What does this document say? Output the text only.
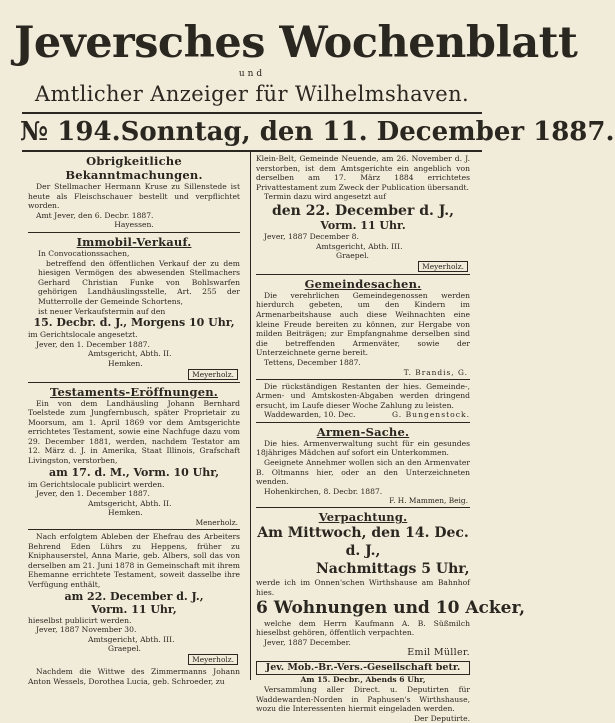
Jeversches Wochenblatt
und
Amtlicher Anzeiger für Wilhelmshaven.
№ 194. Sonntag, den 11. December 1887.
Obrigkeitliche Bekanntmachungen.
Der Stellmacher Hermann Kruse zu Sillenstede ist heute als Fleischschauer bestellt und verpflichtet worden.
Amt Jever, den 6. Decbr. 1887.
Hayessen.
Immobil-Verkauf.
In Convocationssachen,
betreffend den öffentlichen Verkauf der zu dem hiesigen Vermögen des abwesenden Stellmachers Gerhard Christian Funke von Bohlswarfen gehörigen Landhäuslingsstelle, Art. 255 der Mutterrolle der Gemeinde Schortens,
ist neuer Verkaufstermin auf den
15. Decbr. d. J., Morgens 10 Uhr,
im Gerichtslocale angesetzt.
Jever, den 1. December 1887.
Amtsgericht, Abth. II.
Hemken.
Meyerholz.
Testaments-Eröffnungen.
Ein von dem Landhäusling Johann Bernhard Toelstede zum Jungfernbusch, später Proprietair zu Moorsum, am 1. April 1869 vor dem Amtsgerichte errichtetes Testament, sowie eine Nachfuge dazu vom 29. December 1881, werden, nachdem Testator am 12. März d. J. in Amerika, Staat Illinois, Grafschaft Livingston, verstorben,
am 17. d. M., Vorm. 10 Uhr,
im Gerichtslocale publicirt werden.
Jever, den 1. December 1887.
Amtsgericht, Abth. II.
Hemken.
Menerholz.
Nach erfolgtem Ableben der Ehefrau des Arbeiters Behrend Eden Lührs zu Heppens, früher zu Kniphauserstel, Anna Marie, geb. Albers, soll das von derselben am 21. Juni 1878 in Gemeinschaft mit ihrem Ehemanne errichtete Testament, soweit dasselbe ihre Verfügung enthält,
am 22. December d. J.,
Vorm. 11 Uhr,
hieselbst publicirt werden.
Jever, 1887 November 30.
Amtsgericht, Abth. III.
Graepel.
Meyerholz.
Nachdem die Wittwe des Zimmermanns Johann Anton Wessels, Dorothea Lucia, geb. Schroeder, zu
Klein-Belt, Gemeinde Neuende, am 26. November d. J. verstorben, ist dem Amtsgerichte ein angeblich von derselben am 17. März 1884 errichtetes Privattestament zum Zweck der Publication übersandt.
Termin dazu wird angesetzt auf
den 22. December d. J.,
Vorm. 11 Uhr.
Jever, 1887 December 8.
Amtsgericht, Abth. III.
Graepel.
Meyerholz.
Gemeindesachen.
Die verehrlichen Gemeindegenossen werden hierdurch gebeten, um den Kindern im Armenarbeitshause auch diese Weihnachten eine kleine Freude bereiten zu können, zur Hergabe von milden Beiträgen; zur Empfangnahme derselben sind die betreffenden Armenväter, sowie der Unterzeichnete gerne bereit.
Tettens, December 1887.
T. Brandis, G.
Die rückständigen Restanten der hies. Gemeinde-, Armen- und Amtskosten-Abgaben werden dringend ersucht, im Laufe dieser Woche Zahlung zu leisten.
Waddewarden, 10. Dec.	G. Bungenstock.
Armen-Sache.
Die hies. Armenverwaltung sucht für ein gesundes 18jähriges Mädchen auf sofort ein Unterkommen.
Geeignete Annehmer wollen sich an den Armenvater B. Oltmanns hier, oder an den Unterzeichneten wenden.
Hohenkirchen, 8. Decbr. 1887.
F. H. Mammen, Beig.
Verpachtung.
Am Mittwoch, den 14. Dec. d. J.,
Nachmittags 5 Uhr,
werde ich im Onnen'schen Wirthshause am Bahnhof hies.
6 Wohnungen und 10 Acker,
welche dem Herrn Kaufmann A. B. Süßmilch hieselbst gehören, öffentlich verpachten.
Jever, 1887 December.
Emil Müller.
Jev. Mob.-Br.-Vers.-Gesellschaft betr.
Am 15. Decbr., Abends 6 Uhr,
Versammlung aller Direct. u. Deputirten für Waddewarden-Norden in Paphusen's Wirthshause, wozu die Interessenten hiermit eingeladen werden.
Der Deputirte.
